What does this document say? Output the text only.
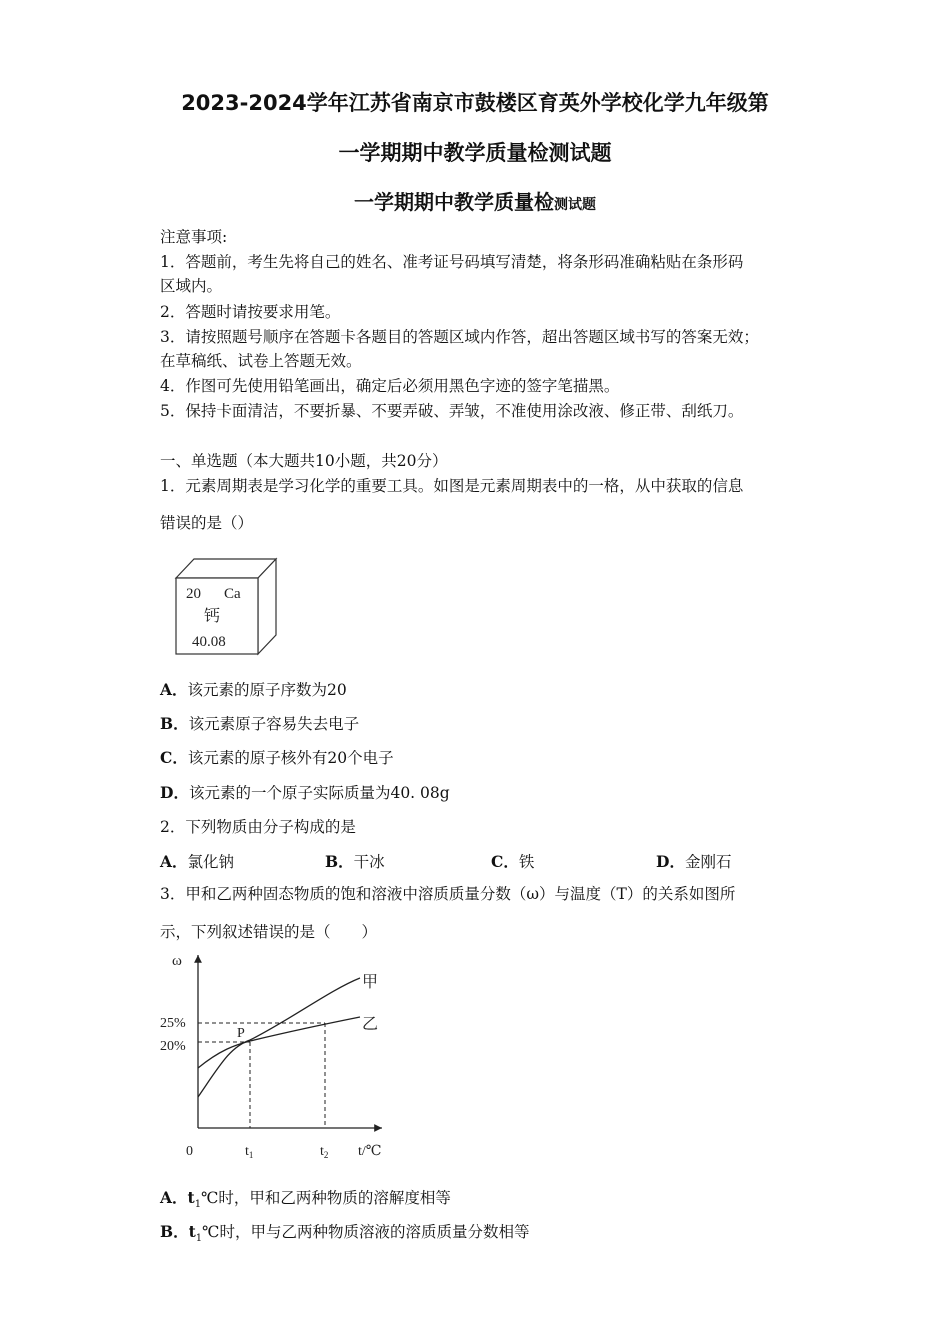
2023-2024学年江苏省南京市鼓楼区育英外学校化学九年级第
一学期期中教学质量检测试题
一学期期中教学质量检测试题
注意事项:
1．答题前，考生先将自己的姓名、准考证号码填写清楚，将条形码准确粘贴在条形码
区域内。
2．答题时请按要求用笔。
3．请按照题号顺序在答题卡各题目的答题区域内作答，超出答题区域书写的答案无效；
在草稿纸、试卷上答题无效。
4．作图可先使用铅笔画出，确定后必须用黑色字迹的签字笔描黑。
5．保持卡面清洁，不要折暴、不要弄破、弄皱，不准使用涂改液、修正带、刮纸刀。
一、单选题（本大题共10小题，共20分）
1．元素周期表是学习化学的重要工具。如图是元素周期表中的一格，从中获取的信息
错误的是（）
20 Ca
钙
40.08
A．该元素的原子序数为20
B．该元素原子容易失去电子
C．该元素的原子核外有20个电子
D．该元素的一个原子实际质量为40. 08g
2．下列物质由分子构成的是
A．氯化钠	B．干冰	C．铁	D．金刚石
3．甲和乙两种固态物质的饱和溶液中溶质质量分数（ω）与温度（T）的关系如图所
示，下列叙述错误的是（　　）
ω
25%
20%
P
甲
乙
0	$t_1$	$t_2$ t/℃
A．$t_1℃$时，甲和乙两种物质的溶解度相等
B．$t_1℃$时，甲与乙两种物质溶液的溶质质量分数相等
